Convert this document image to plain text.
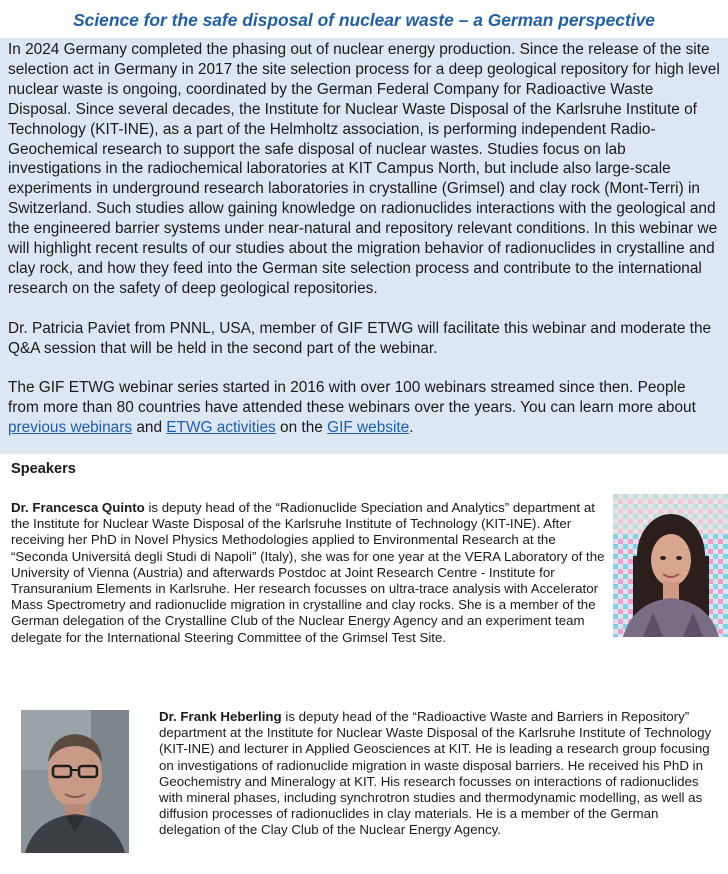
Science for the safe disposal of nuclear waste – a German perspective

In 2024 Germany completed the phasing out of nuclear energy production. Since the release of the site selection act in Germany in 2017 the site selection process for a deep geological repository for high level nuclear waste is ongoing, coordinated by the German Federal Company for Radioactive Waste Disposal. Since several decades, the Institute for Nuclear Waste Disposal of the Karlsruhe Institute of Technology (KIT-INE), as a part of the Helmholtz association, is performing independent Radio-Geochemical research to support the safe disposal of nuclear wastes. Studies focus on lab investigations in the radiochemical laboratories at KIT Campus North, but include also large-scale experiments in underground research laboratories in crystalline (Grimsel) and clay rock (Mont-Terri) in Switzerland. Such studies allow gaining knowledge on radionuclides interactions with the geological and the engineered barrier systems under near-natural and repository relevant conditions. In this webinar we will highlight recent results of our studies about the migration behavior of radionuclides in crystalline and clay rock, and how they feed into the German site selection process and contribute to the international research on the safety of deep geological repositories.

Dr. Patricia Paviet from PNNL, USA, member of GIF ETWG will facilitate this webinar and moderate the Q&A session that will be held in the second part of the webinar.

The GIF ETWG webinar series started in 2016 with over 100 webinars streamed since then. People from more than 80 countries have attended these webinars over the years. You can learn more about previous webinars and ETWG activities on the GIF website.

Speakers

Dr. Francesca Quinto is deputy head of the “Radionuclide Speciation and Analytics” department at the Institute for Nuclear Waste Disposal of the Karlsruhe Institute of Technology (KIT-INE). After receiving her PhD in Novel Physics Methodologies applied to Environmental Research at the “Seconda Universitá degli Studi di Napoli” (Italy), she was for one year at the VERA Laboratory of the University of Vienna (Austria) and afterwards Postdoc at Joint Research Centre - Institute for Transuranium Elements in Karlsruhe. Her research focusses on ultra-trace analysis with Accelerator Mass Spectrometry and radionuclide migration in crystalline and clay rocks. She is a member of the German delegation of the Crystalline Club of the Nuclear Energy Agency and an experiment team delegate for the International Steering Committee of the Grimsel Test Site.

Dr. Frank Heberling is deputy head of the “Radioactive Waste and Barriers in Repository” department at the Institute for Nuclear Waste Disposal of the Karlsruhe Institute of Technology (KIT-INE) and lecturer in Applied Geosciences at KIT. He is leading a research group focusing on investigations of radionuclide migration in waste disposal barriers. He received his PhD in Geochemistry and Mineralogy at KIT. His research focusses on interactions of radionuclides with mineral phases, including synchrotron studies and thermodynamic modelling, as well as diffusion processes of radionuclides in clay materials. He is a member of the German delegation of the Clay Club of the Nuclear Energy Agency.
